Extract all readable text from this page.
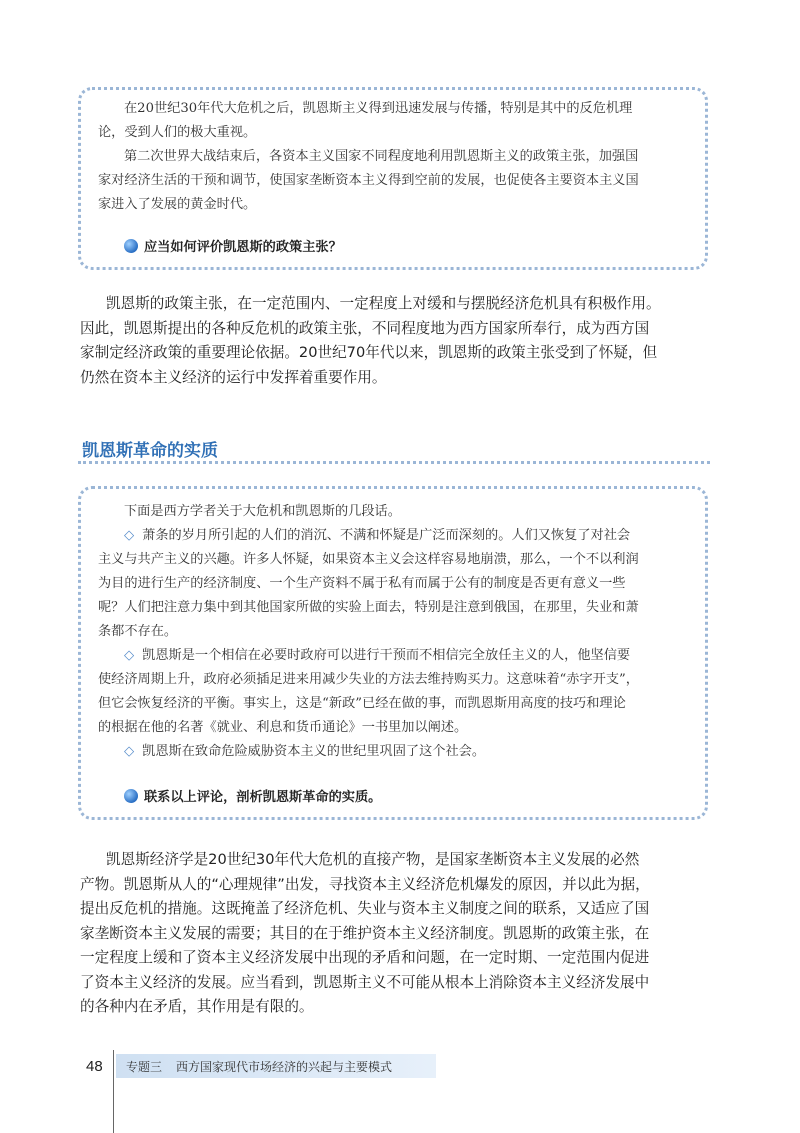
在20世纪30年代大危机之后，凯恩斯主义得到迅速发展与传播，特别是其中的反危机理
论，受到人们的极大重视。
第二次世界大战结束后，各资本主义国家不同程度地利用凯恩斯主义的政策主张，加强国
家对经济生活的干预和调节，使国家垄断资本主义得到空前的发展，也促使各主要资本主义国
家进入了发展的黄金时代。
应当如何评价凯恩斯的政策主张？
凯恩斯的政策主张，在一定范围内、一定程度上对缓和与摆脱经济危机具有积极作用。
因此，凯恩斯提出的各种反危机的政策主张，不同程度地为西方国家所奉行，成为西方国
家制定经济政策的重要理论依据。20世纪70年代以来，凯恩斯的政策主张受到了怀疑，但
仍然在资本主义经济的运行中发挥着重要作用。
凯恩斯革命的实质
下面是西方学者关于大危机和凯恩斯的几段话。
◇ 萧条的岁月所引起的人们的消沉、不满和怀疑是广泛而深刻的。人们又恢复了对社会
主义与共产主义的兴趣。许多人怀疑，如果资本主义会这样容易地崩溃，那么，一个不以利润
为目的进行生产的经济制度、一个生产资料不属于私有而属于公有的制度是否更有意义一些
呢？人们把注意力集中到其他国家所做的实验上面去，特别是注意到俄国，在那里，失业和萧
条都不存在。
◇ 凯恩斯是一个相信在必要时政府可以进行干预而不相信完全放任主义的人，他坚信要
使经济周期上升，政府必须插足进来用减少失业的方法去维持购买力。这意味着“赤字开支”，
但它会恢复经济的平衡。事实上，这是“新政”已经在做的事，而凯恩斯用高度的技巧和理论
的根据在他的名著《就业、利息和货币通论》一书里加以阐述。
◇ 凯恩斯在致命危险威胁资本主义的世纪里巩固了这个社会。
联系以上评论，剖析凯恩斯革命的实质。
凯恩斯经济学是20世纪30年代大危机的直接产物，是国家垄断资本主义发展的必然
产物。凯恩斯从人的“心理规律”出发，寻找资本主义经济危机爆发的原因，并以此为据，
提出反危机的措施。这既掩盖了经济危机、失业与资本主义制度之间的联系，又适应了国
家垄断资本主义发展的需要；其目的在于维护资本主义经济制度。凯恩斯的政策主张，在
一定程度上缓和了资本主义经济发展中出现的矛盾和问题，在一定时期、一定范围内促进
了资本主义经济的发展。应当看到，凯恩斯主义不可能从根本上消除资本主义经济发展中
的各种内在矛盾，其作用是有限的。
48 专题三 西方国家现代市场经济的兴起与主要模式
